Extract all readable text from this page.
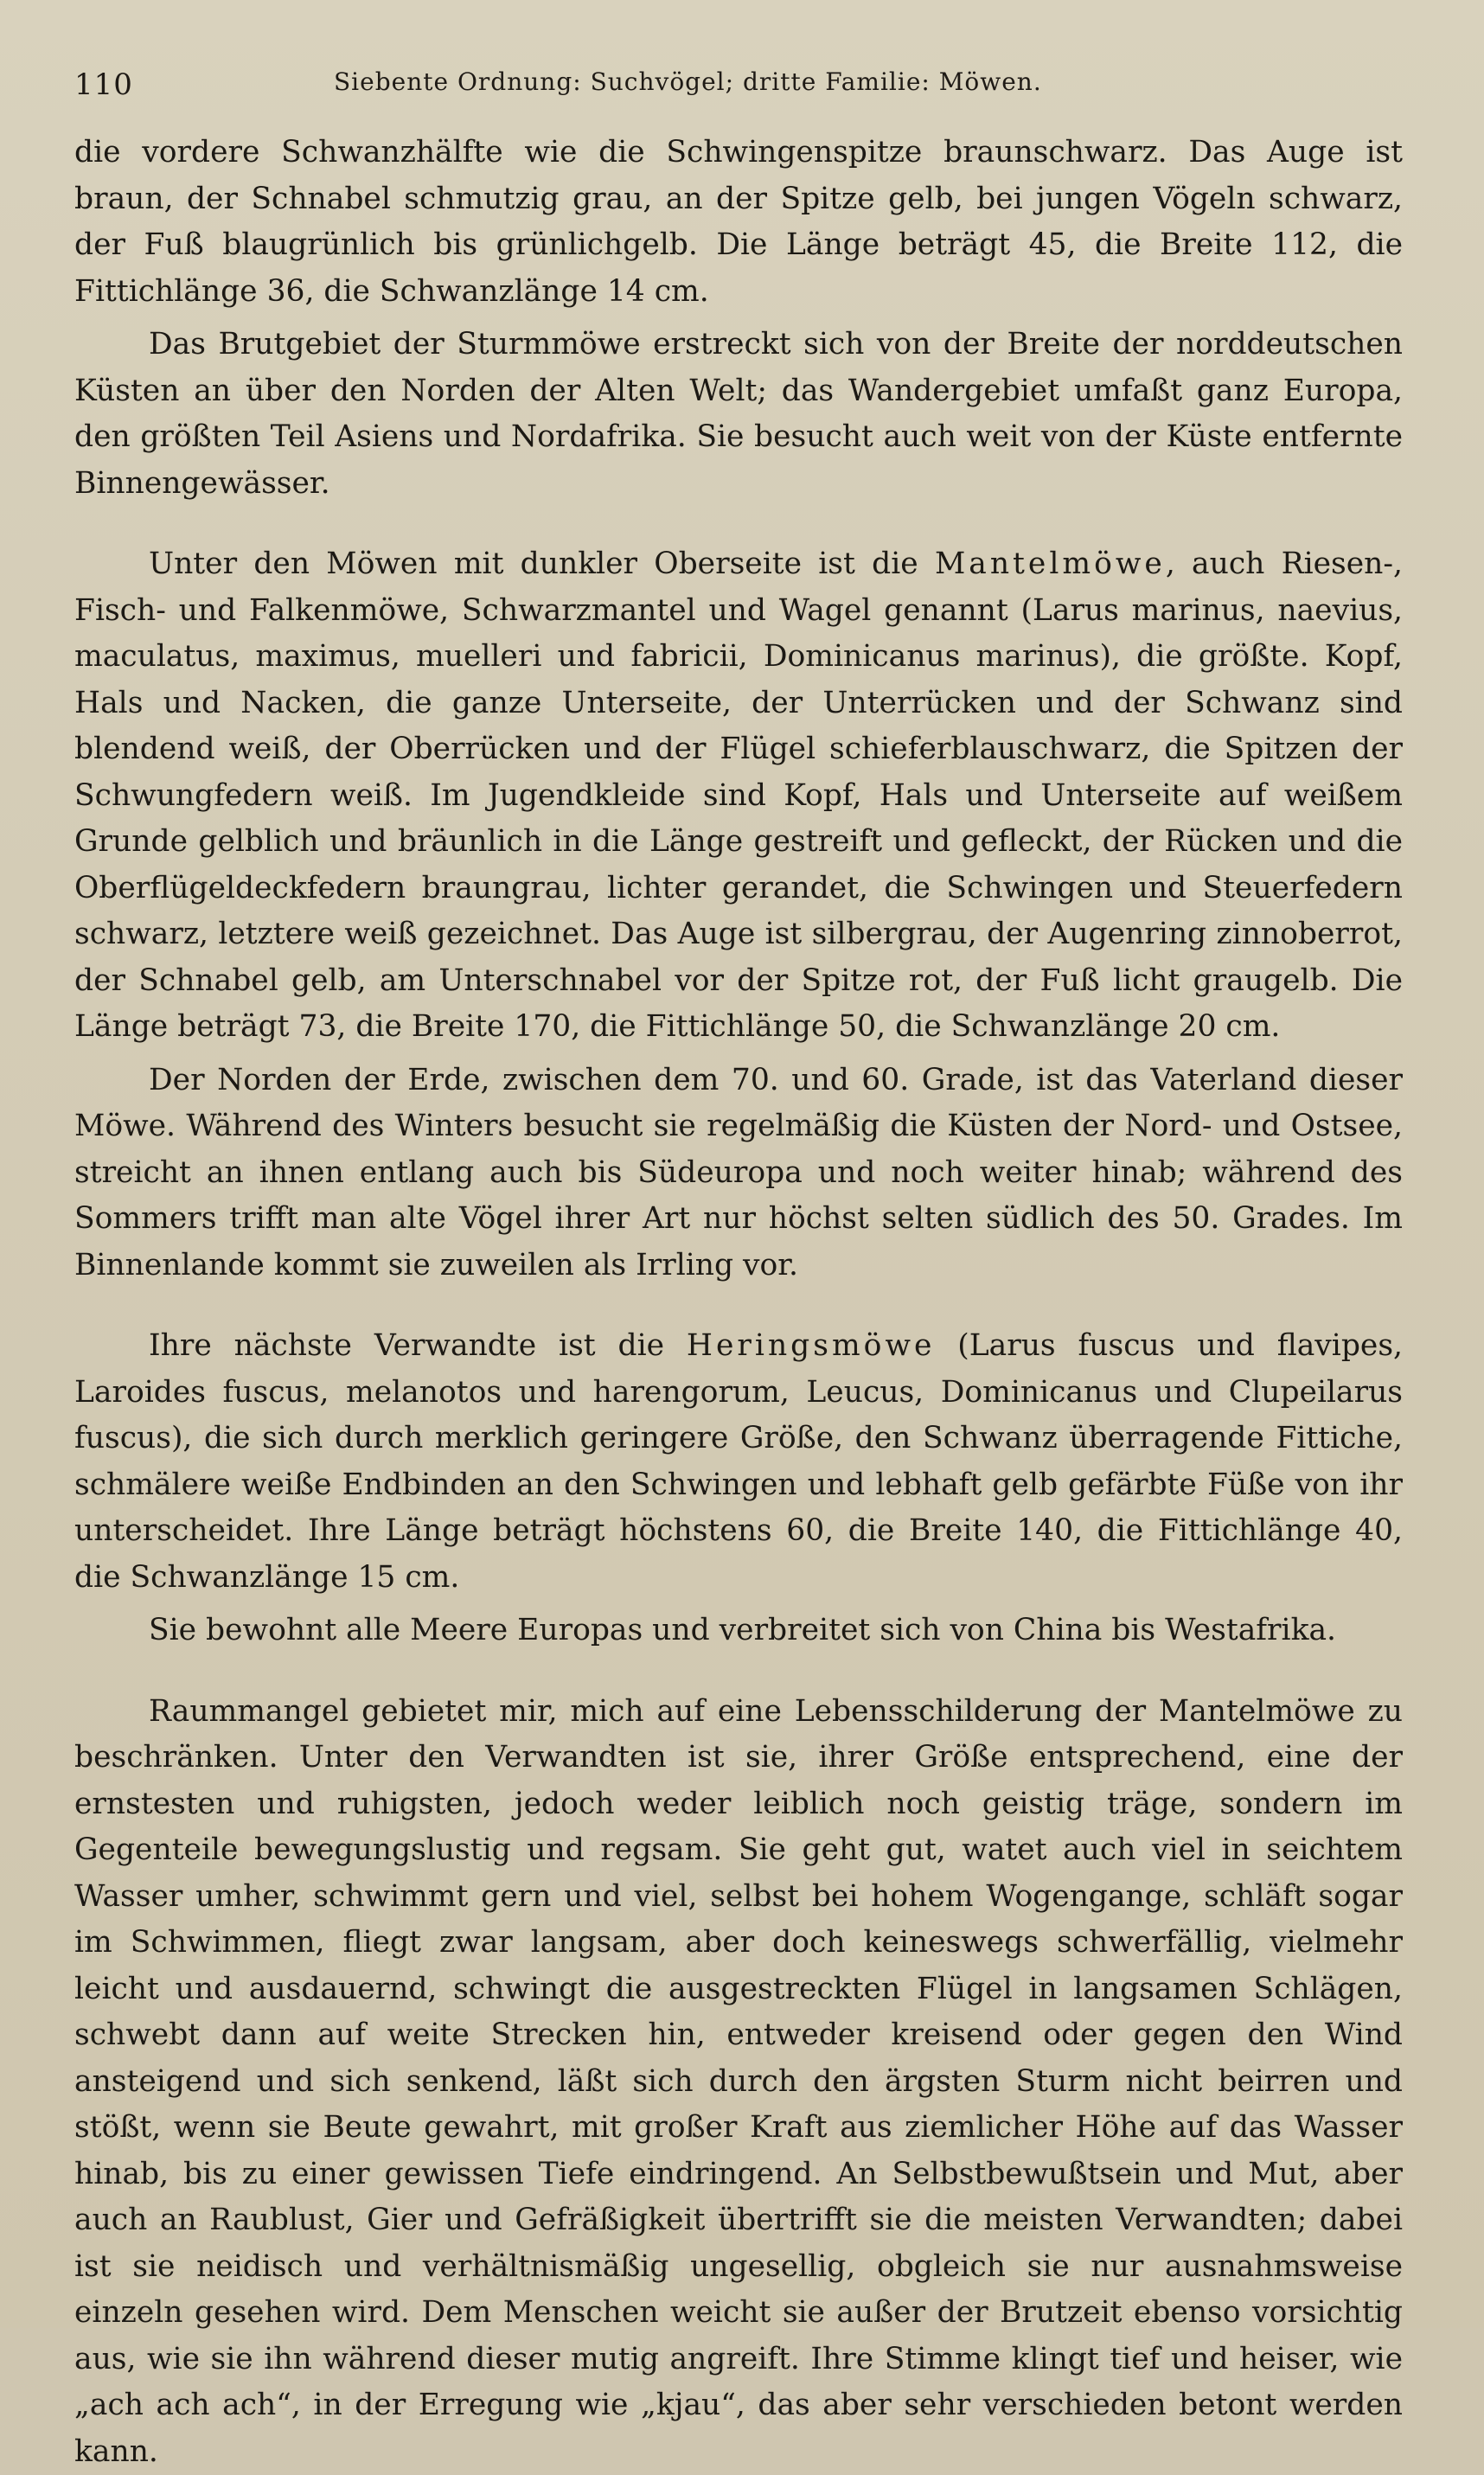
110	Siebente Ordnung: Suchvögel; dritte Familie: Möwen.

die vordere Schwanzhälfte wie die Schwingenspitze braunschwarz. Das Auge ist braun, der Schnabel schmutzig grau, an der Spitze gelb, bei jungen Vögeln schwarz, der Fuß blaugrünlich bis grünlichgelb. Die Länge beträgt 45, die Breite 112, die Fittichlänge 36, die Schwanzlänge 14 cm.

Das Brutgebiet der Sturmmöwe erstreckt sich von der Breite der norddeutschen Küsten an über den Norden der Alten Welt; das Wandergebiet umfaßt ganz Europa, den größten Teil Asiens und Nordafrika. Sie besucht auch weit von der Küste entfernte Binnengewässer.

Unter den Möwen mit dunkler Oberseite ist die Mantelmöwe, auch Riesen-, Fisch- und Falkenmöwe, Schwarzmantel und Wagel genannt (Larus marinus, naevius, maculatus, maximus, muelleri und fabricii, Dominicanus marinus), die größte. Kopf, Hals und Nacken, die ganze Unterseite, der Unterrücken und der Schwanz sind blendend weiß, der Oberrücken und der Flügel schieferblauschwarz, die Spitzen der Schwungfedern weiß. Im Jugendkleide sind Kopf, Hals und Unterseite auf weißem Grunde gelblich und bräunlich in die Länge gestreift und gefleckt, der Rücken und die Oberflügeldeckfedern braungrau, lichter gerandet, die Schwingen und Steuerfedern schwarz, letztere weiß gezeichnet. Das Auge ist silbergrau, der Augenring zinnoberrot, der Schnabel gelb, am Unterschnabel vor der Spitze rot, der Fuß licht graugelb. Die Länge beträgt 73, die Breite 170, die Fittichlänge 50, die Schwanzlänge 20 cm.

Der Norden der Erde, zwischen dem 70. und 60. Grade, ist das Vaterland dieser Möwe. Während des Winters besucht sie regelmäßig die Küsten der Nord- und Ostsee, streicht an ihnen entlang auch bis Südeuropa und noch weiter hinab; während des Sommers trifft man alte Vögel ihrer Art nur höchst selten südlich des 50. Grades. Im Binnenlande kommt sie zuweilen als Irrling vor.

Ihre nächste Verwandte ist die Heringsmöwe (Larus fuscus und flavipes, Laroides fuscus, melanotos und harengorum, Leucus, Dominicanus und Clupeilarus fuscus), die sich durch merklich geringere Größe, den Schwanz überragende Fittiche, schmälere weiße Endbinden an den Schwingen und lebhaft gelb gefärbte Füße von ihr unterscheidet. Ihre Länge beträgt höchstens 60, die Breite 140, die Fittichlänge 40, die Schwanzlänge 15 cm.

Sie bewohnt alle Meere Europas und verbreitet sich von China bis Westafrika.

Raummangel gebietet mir, mich auf eine Lebensschilderung der Mantelmöwe zu beschränken. Unter den Verwandten ist sie, ihrer Größe entsprechend, eine der ernstesten und ruhigsten, jedoch weder leiblich noch geistig träge, sondern im Gegenteile bewegungslustig und regsam. Sie geht gut, watet auch viel in seichtem Wasser umher, schwimmt gern und viel, selbst bei hohem Wogengange, schläft sogar im Schwimmen, fliegt zwar langsam, aber doch keineswegs schwerfällig, vielmehr leicht und ausdauernd, schwingt die ausgestreckten Flügel in langsamen Schlägen, schwebt dann auf weite Strecken hin, entweder kreisend oder gegen den Wind ansteigend und sich senkend, läßt sich durch den ärgsten Sturm nicht beirren und stößt, wenn sie Beute gewahrt, mit großer Kraft aus ziemlicher Höhe auf das Wasser hinab, bis zu einer gewissen Tiefe eindringend. An Selbstbewußtsein und Mut, aber auch an Raublust, Gier und Gefräßigkeit übertrifft sie die meisten Verwandten; dabei ist sie neidisch und verhältnismäßig ungesellig, obgleich sie nur ausnahmsweise einzeln gesehen wird. Dem Menschen weicht sie außer der Brutzeit ebenso vorsichtig aus, wie sie ihn während dieser mutig angreift. Ihre Stimme klingt tief und heiser, wie „ach ach ach“, in der Erregung wie „kjau“, das aber sehr verschieden betont werden kann.
